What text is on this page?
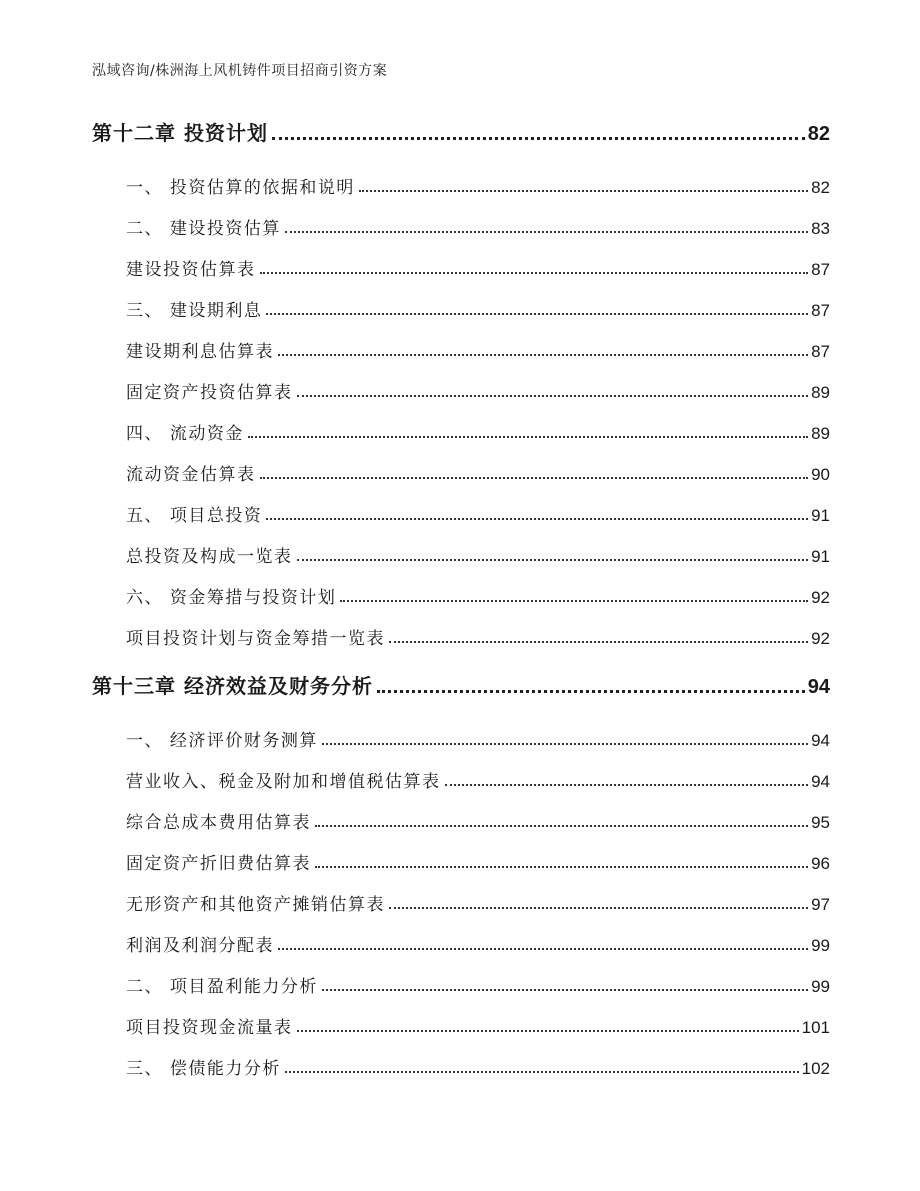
泓域咨询/株洲海上风机铸件项目招商引资方案
第十二章 投资计划	82
一、 投资估算的依据和说明	82
二、 建设投资估算	83
建设投资估算表	87
三、 建设期利息	87
建设期利息估算表	87
固定资产投资估算表	89
四、 流动资金	89
流动资金估算表	90
五、 项目总投资	91
总投资及构成一览表	91
六、 资金筹措与投资计划	92
项目投资计划与资金筹措一览表	92
第十三章 经济效益及财务分析	94
一、 经济评价财务测算	94
营业收入、税金及附加和增值税估算表	94
综合总成本费用估算表	95
固定资产折旧费估算表	96
无形资产和其他资产摊销估算表	97
利润及利润分配表	99
二、 项目盈利能力分析	99
项目投资现金流量表	101
三、 偿债能力分析	102
